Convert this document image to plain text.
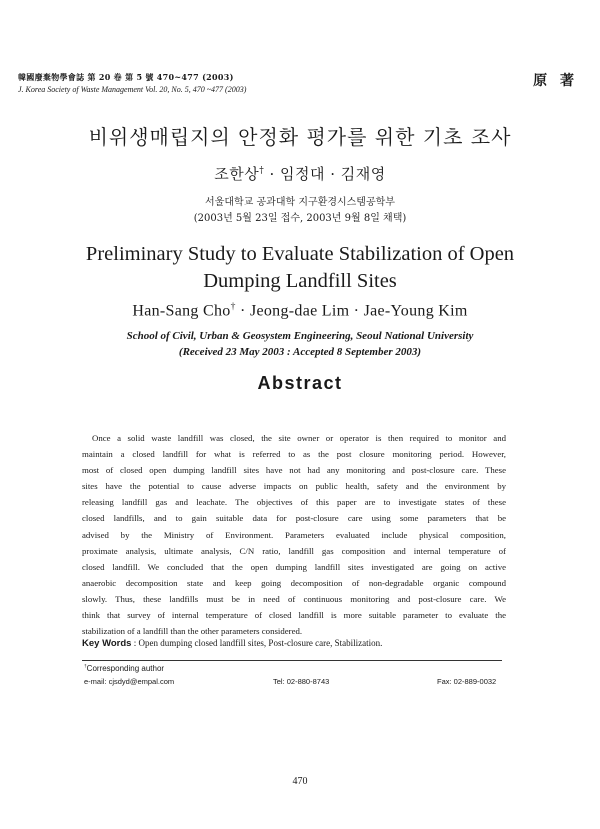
韓國廢棄物學會誌 第 20 卷 第 5 號 470~477 (2003)
J. Korea Society of Waste Management Vol. 20, No. 5, 470 ~477 (2003)
原 著
비위생매립지의 안정화 평가를 위한 기초 조사
조한상† · 임정대 · 김재영
서울대학교 공과대학 지구환경시스템공학부
(2003년 5월 23일 접수, 2003년 9월 8일 채택)
Preliminary Study to Evaluate Stabilization of Open
Dumping Landfill Sites
Han-Sang Cho† · Jeong-dae Lim · Jae-Young Kim
School of Civil, Urban & Geosystem Engineering, Seoul National University
(Received 23 May 2003 : Accepted 8 September 2003)
Abstract
Once a solid waste landfill was closed, the site owner or operator is then required to monitor and
maintain a closed landfill for what is referred to as the post closure monitoring period. However,
most of closed open dumping landfill sites have not had any monitoring and post-closure care. These
sites have the potential to cause adverse impacts on public health, safety and the environment by
releasing landfill gas and leachate. The objectives of this paper are to investigate states of these
closed landfills, and to gain suitable data for post-closure care using some parameters that be
advised by the Ministry of Environment. Parameters evaluated include physical composition,
proximate analysis, ultimate analysis, C/N ratio, landfill gas composition and internal temperature of
closed landfill. We concluded that the open dumping landfill sites investigated are going on active
anaerobic decomposition state and keep going decomposition of non-degradable organic compound
slowly. Thus, these landfills must be in need of continuous monitoring and post-closure care. We
think that survey of internal temperature of closed landfill is more suitable parameter to evaluate the
stabilization of a landfill than the other parameters considered.
Key Words : Open dumping closed landfill sites, Post-closure care, Stabilization.
†Corresponding author
e-mail: cjsdyd@empal.com	Tel: 02-880-8743	Fax: 02-889-0032
470
